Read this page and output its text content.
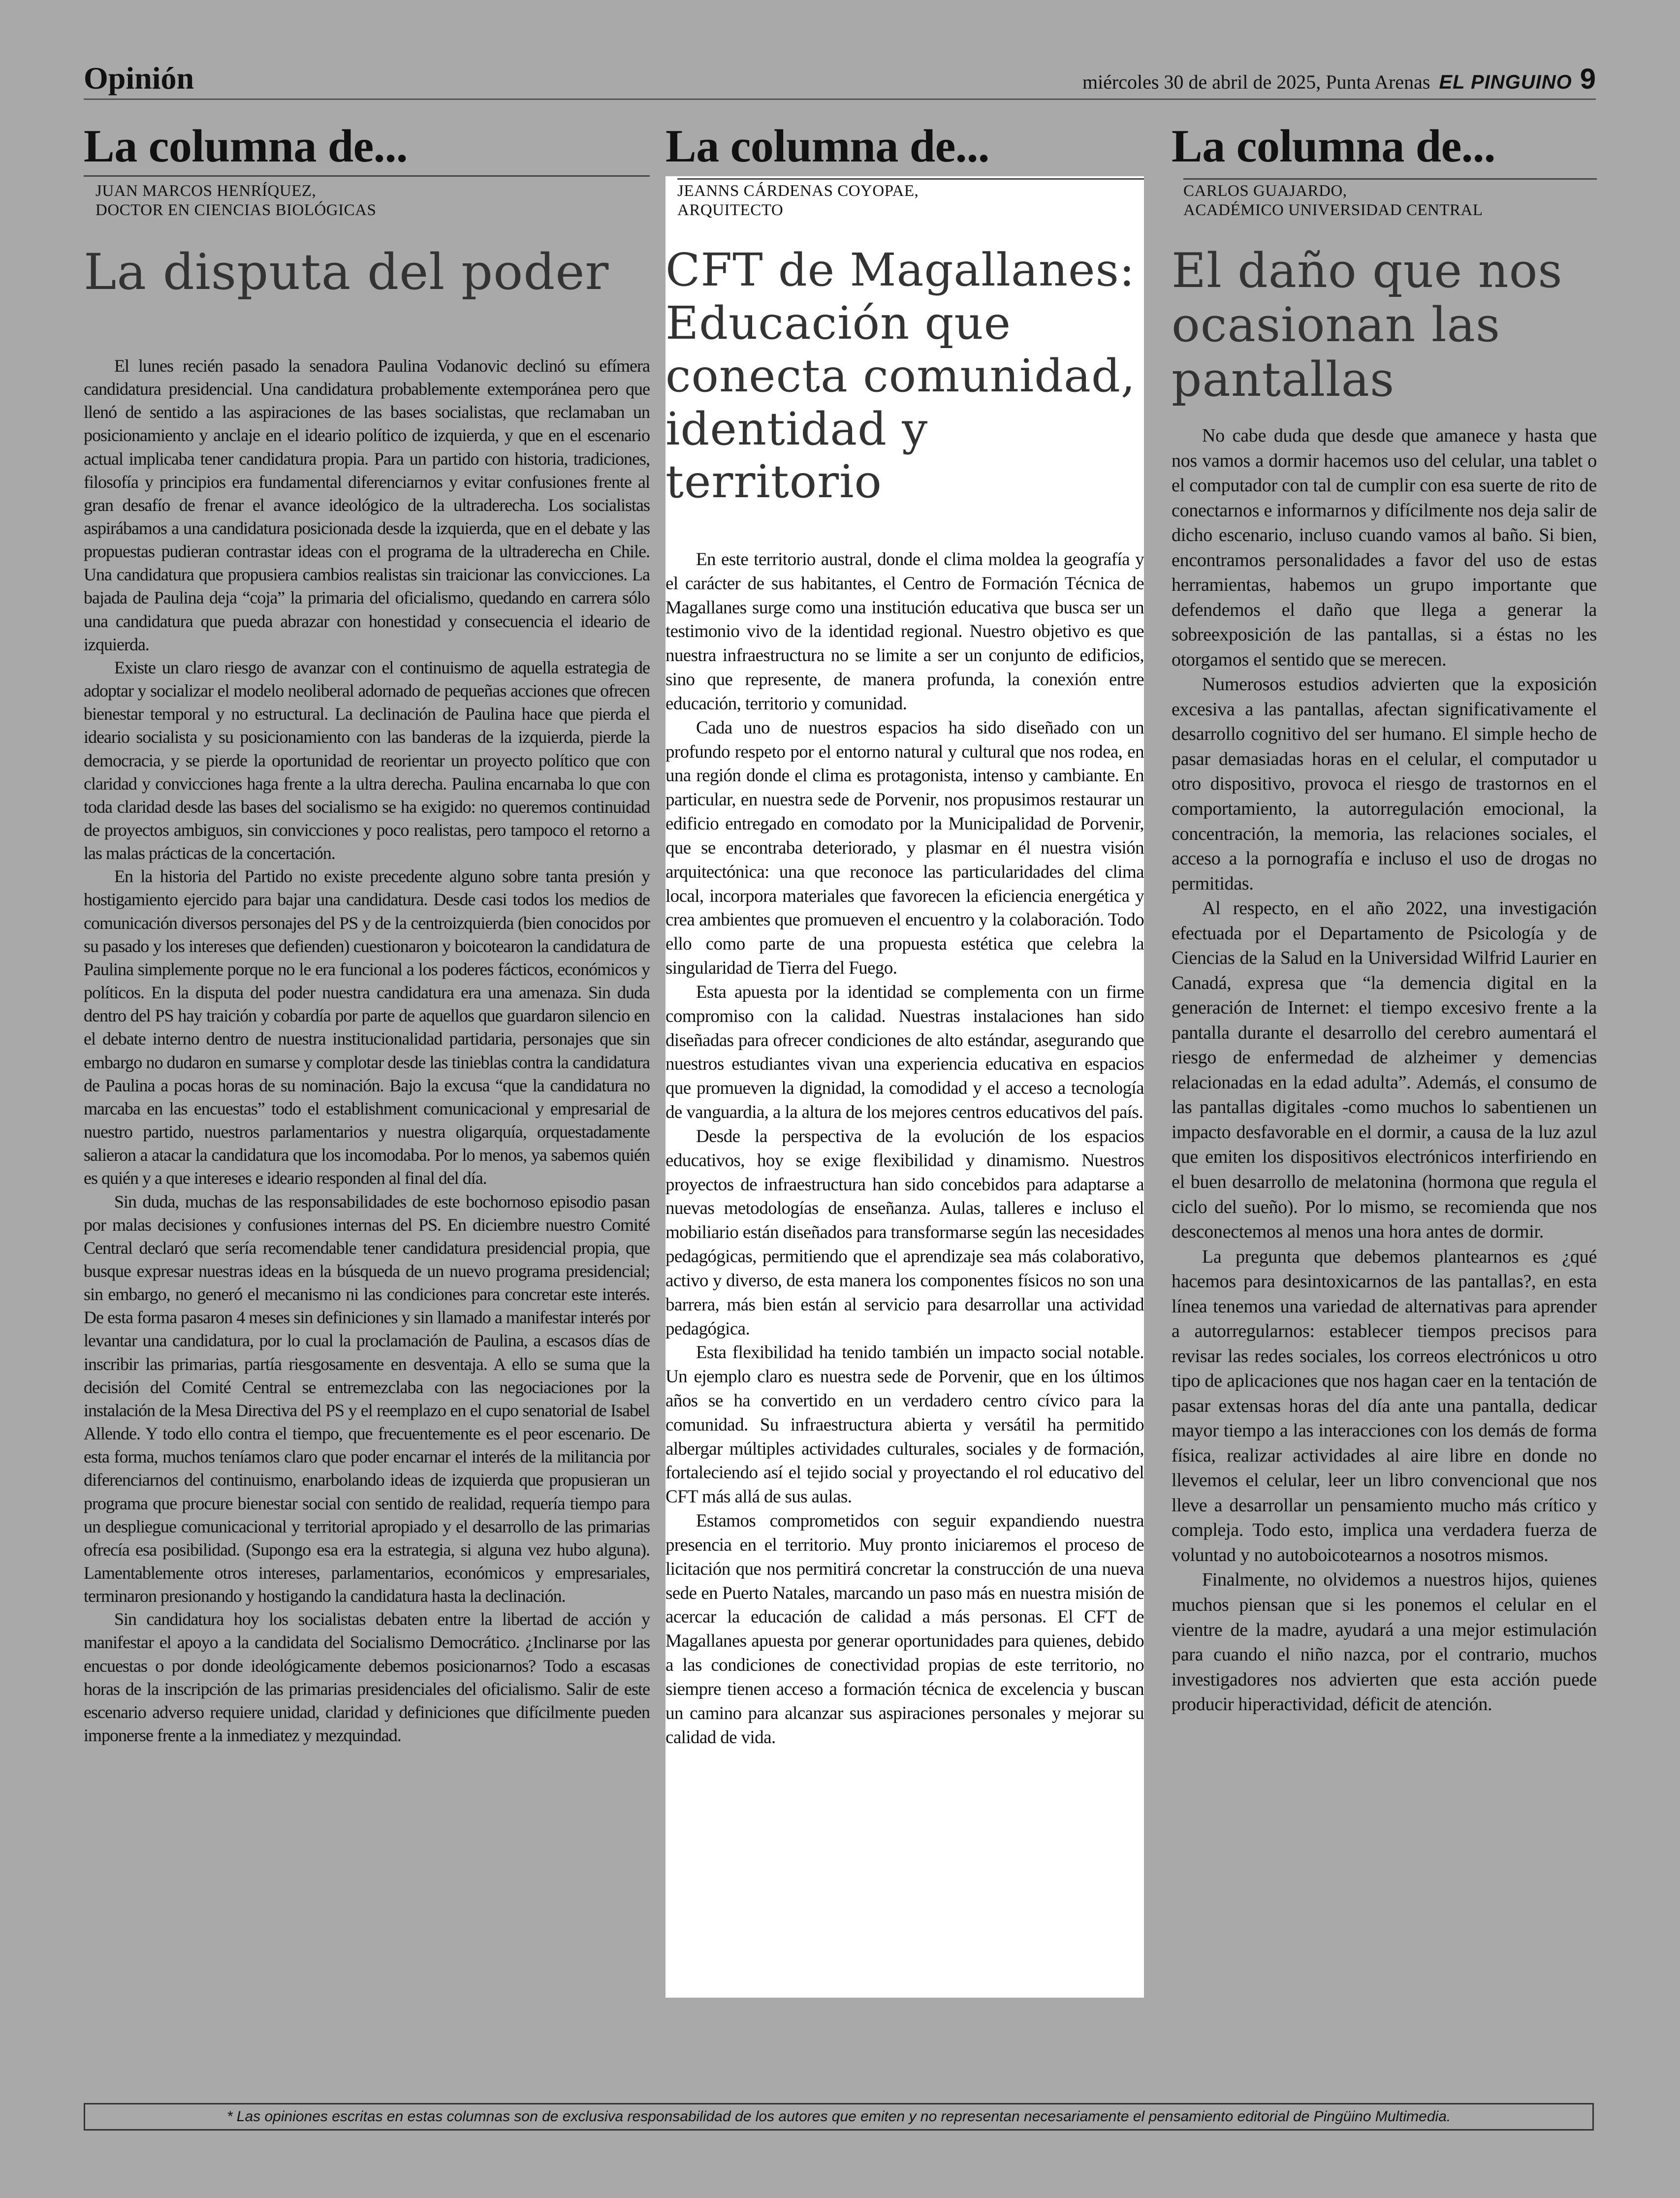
Opinión	miércoles 30 de abril de 2025, Punta Arenas EL PINGUINO 9
La columna de...
JUAN MARCOS HENRÍQUEZ,
DOCTOR EN CIENCIAS BIOLÓGICAS
La disputa del poder

El lunes recién pasado la senadora Paulina Vodanovic declinó su efímera candidatura presidencial. Una candidatura probablemente extemporánea pero que llenó de sentido a las aspiraciones de las bases socialistas, que reclamaban un posicionamiento y anclaje en el ideario político de izquierda, y que en el escenario actual implicaba tener candidatura propia. Para un partido con historia, tradiciones, filosofía y principios era fundamental diferenciarnos y evitar confusiones frente al gran desafío de frenar el avance ideológico de la ultraderecha. Los socialistas aspirábamos a una candidatura posicionada desde la izquierda, que en el debate y las propuestas pudieran contrastar ideas con el programa de la ultraderecha en Chile. Una candidatura que propusiera cambios realistas sin traicionar las convicciones. La bajada de Paulina deja “coja” la primaria del oficialismo, quedando en carrera sólo una candidatura que pueda abrazar con honestidad y consecuencia el ideario de izquierda.

Existe un claro riesgo de avanzar con el continuismo de aquella estrategia de adoptar y socializar el modelo neoliberal adornado de pequeñas acciones que ofrecen bienestar temporal y no estructural. La declinación de Paulina hace que pierda el ideario socialista y su posicionamiento con las banderas de la izquierda, pierde la democracia, y se pierde la oportunidad de reorientar un proyecto político que con claridad y convicciones haga frente a la ultra derecha. Paulina encarnaba lo que con toda claridad desde las bases del socialismo se ha exigido: no queremos continuidad de proyectos ambiguos, sin convicciones y poco realistas, pero tampoco el retorno a las malas prácticas de la concertación.

En la historia del Partido no existe precedente alguno sobre tanta presión y hostigamiento ejercido para bajar una candidatura. Desde casi todos los medios de comunicación diversos personajes del PS y de la centroizquierda (bien conocidos por su pasado y los intereses que defienden) cuestionaron y boicotearon la candidatura de Paulina simplemente porque no le era funcional a los poderes fácticos, económicos y políticos. En la disputa del poder nuestra candidatura era una amenaza. Sin duda dentro del PS hay traición y cobardía por parte de aquellos que guardaron silencio en el debate interno dentro de nuestra institucionalidad partidaria, personajes que sin embargo no dudaron en sumarse y complotar desde las tinieblas contra la candidatura de Paulina a pocas horas de su nominación. Bajo la excusa “que la candidatura no marcaba en las encuestas” todo el establishment comunicacional y empresarial de nuestro partido, nuestros parlamentarios y nuestra oligarquía, orquestadamente salieron a atacar la candidatura que los incomodaba. Por lo menos, ya sabemos quién es quién y a que intereses e ideario responden al final del día.

Sin duda, muchas de las responsabilidades de este bochornoso episodio pasan por malas decisiones y confusiones internas del PS. En diciembre nuestro Comité Central declaró que sería recomendable tener candidatura presidencial propia, que busque expresar nuestras ideas en la búsqueda de un nuevo programa presidencial; sin embargo, no generó el mecanismo ni las condiciones para concretar este interés. De esta forma pasaron 4 meses sin definiciones y sin llamado a manifestar interés por levantar una candidatura, por lo cual la proclamación de Paulina, a escasos días de inscribir las primarias, partía riesgosamente en desventaja. A ello se suma que la decisión del Comité Central se entremezclaba con las negociaciones por la instalación de la Mesa Directiva del PS y el reemplazo en el cupo senatorial de Isabel Allende. Y todo ello contra el tiempo, que frecuentemente es el peor escenario. De esta forma, muchos teníamos claro que poder encarnar el interés de la militancia por diferenciarnos del continuismo, enarbolando ideas de izquierda que propusieran un programa que procure bienestar social con sentido de realidad, requería tiempo para un despliegue comunicacional y territorial apropiado y el desarrollo de las primarias ofrecía esa posibilidad. (Supongo esa era la estrategia, si alguna vez hubo alguna). Lamentablemente otros intereses, parlamentarios, económicos y empresariales, terminaron presionando y hostigando la candidatura hasta la declinación.

Sin candidatura hoy los socialistas debaten entre la libertad de acción y manifestar el apoyo a la candidata del Socialismo Democrático. ¿Inclinarse por las encuestas o por donde ideológicamente debemos posicionarnos? Todo a escasas horas de la inscripción de las primarias presidenciales del oficialismo. Salir de este escenario adverso requiere unidad, claridad y definiciones que difícilmente pueden imponerse frente a la inmediatez y mezquindad.

La columna de...
JEANNS CÁRDENAS COYOPAE,
ARQUITECTO
CFT de Magallanes: Educación que conecta comunidad, identidad y territorio

En este territorio austral, donde el clima moldea la geografía y el carácter de sus habitantes, el Centro de Formación Técnica de Magallanes surge como una institución educativa que busca ser un testimonio vivo de la identidad regional. Nuestro objetivo es que nuestra infraestructura no se limite a ser un conjunto de edificios, sino que represente, de manera profunda, la conexión entre educación, territorio y comunidad.

Cada uno de nuestros espacios ha sido diseñado con un profundo respeto por el entorno natural y cultural que nos rodea, en una región donde el clima es protagonista, intenso y cambiante. En particular, en nuestra sede de Porvenir, nos propusimos restaurar un edificio entregado en comodato por la Municipalidad de Porvenir, que se encontraba deteriorado, y plasmar en él nuestra visión arquitectónica: una que reconoce las particularidades del clima local, incorpora materiales que favorecen la eficiencia energética y crea ambientes que promueven el encuentro y la colaboración. Todo ello como parte de una propuesta estética que celebra la singularidad de Tierra del Fuego.

Esta apuesta por la identidad se complementa con un firme compromiso con la calidad. Nuestras instalaciones han sido diseñadas para ofrecer condiciones de alto estándar, asegurando que nuestros estudiantes vivan una experiencia educativa en espacios que promueven la dignidad, la comodidad y el acceso a tecnología de vanguardia, a la altura de los mejores centros educativos del país.

Desde la perspectiva de la evolución de los espacios educativos, hoy se exige flexibilidad y dinamismo. Nuestros proyectos de infraestructura han sido concebidos para adaptarse a nuevas metodologías de enseñanza. Aulas, talleres e incluso el mobiliario están diseñados para transformarse según las necesidades pedagógicas, permitiendo que el aprendizaje sea más colaborativo, activo y diverso, de esta manera los componentes físicos no son una barrera, más bien están al servicio para desarrollar una actividad pedagógica.

Esta flexibilidad ha tenido también un impacto social notable. Un ejemplo claro es nuestra sede de Porvenir, que en los últimos años se ha convertido en un verdadero centro cívico para la comunidad. Su infraestructura abierta y versátil ha permitido albergar múltiples actividades culturales, sociales y de formación, fortaleciendo así el tejido social y proyectando el rol educativo del CFT más allá de sus aulas.

Estamos comprometidos con seguir expandiendo nuestra presencia en el territorio. Muy pronto iniciaremos el proceso de licitación que nos permitirá concretar la construcción de una nueva sede en Puerto Natales, marcando un paso más en nuestra misión de acercar la educación de calidad a más personas. El CFT de Magallanes apuesta por generar oportunidades para quienes, debido a las condiciones de conectividad propias de este territorio, no siempre tienen acceso a formación técnica de excelencia y buscan un camino para alcanzar sus aspiraciones personales y mejorar su calidad de vida.

La columna de...
CARLOS GUAJARDO,
ACADÉMICO UNIVERSIDAD CENTRAL
El daño que nos ocasionan las pantallas

No cabe duda que desde que amanece y hasta que nos vamos a dormir hacemos uso del celular, una tablet o el computador con tal de cumplir con esa suerte de rito de conectarnos e informarnos y difícilmente nos deja salir de dicho escenario, incluso cuando vamos al baño. Si bien, encontramos personalidades a favor del uso de estas herramientas, habemos un grupo importante que defendemos el daño que llega a generar la sobreexposición de las pantallas, si a éstas no les otorgamos el sentido que se merecen.

Numerosos estudios advierten que la exposición excesiva a las pantallas, afectan significativamente el desarrollo cognitivo del ser humano. El simple hecho de pasar demasiadas horas en el celular, el computador u otro dispositivo, provoca el riesgo de trastornos en el comportamiento, la autorregulación emocional, la concentración, la memoria, las relaciones sociales, el acceso a la pornografía e incluso el uso de drogas no permitidas.

Al respecto, en el año 2022, una investigación efectuada por el Departamento de Psicología y de Ciencias de la Salud en la Universidad Wilfrid Laurier en Canadá, expresa que “la demencia digital en la generación de Internet: el tiempo excesivo frente a la pantalla durante el desarrollo del cerebro aumentará el riesgo de enfermedad de alzheimer y demencias relacionadas en la edad adulta”. Además, el consumo de las pantallas digitales -como muchos lo sabentienen un impacto desfavorable en el dormir, a causa de la luz azul que emiten los dispositivos electrónicos interfiriendo en el buen desarrollo de melatonina (hormona que regula el ciclo del sueño). Por lo mismo, se recomienda que nos desconectemos al menos una hora antes de dormir.

La pregunta que debemos plantearnos es ¿qué hacemos para desintoxicarnos de las pantallas?, en esta línea tenemos una variedad de alternativas para aprender a autorregularnos: establecer tiempos precisos para revisar las redes sociales, los correos electrónicos u otro tipo de aplicaciones que nos hagan caer en la tentación de pasar extensas horas del día ante una pantalla, dedicar mayor tiempo a las interacciones con los demás de forma física, realizar actividades al aire libre en donde no llevemos el celular, leer un libro convencional que nos lleve a desarrollar un pensamiento mucho más crítico y compleja. Todo esto, implica una verdadera fuerza de voluntad y no autoboicotearnos a nosotros mismos.

Finalmente, no olvidemos a nuestros hijos, quienes muchos piensan que si les ponemos el celular en el vientre de la madre, ayudará a una mejor estimulación para cuando el niño nazca, por el contrario, muchos investigadores nos advierten que esta acción puede producir hiperactividad, déficit de atención.

* Las opiniones escritas en estas columnas son de exclusiva responsabilidad de los autores que emiten y no representan necesariamente el pensamiento editorial de Pingüino Multimedia.
